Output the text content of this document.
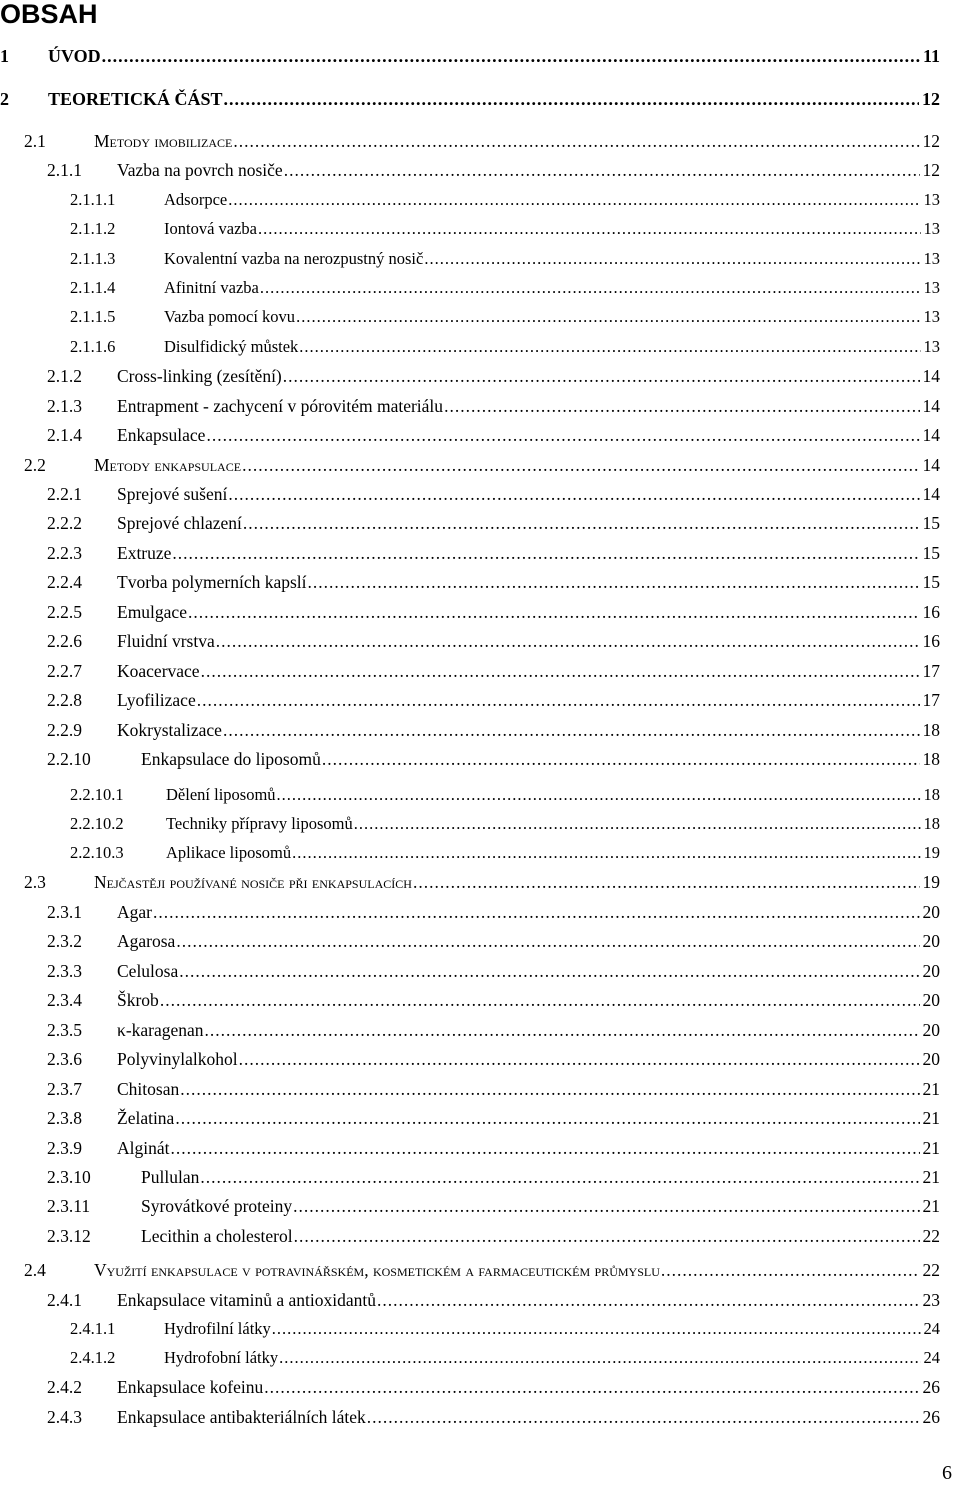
OBSAH
1	ÚVOD .....	11
2	TEORETICKÁ ČÁST .....	12
2.1	Metody imobilizace .....	12
2.1.1	Vazba na povrch nosiče .....	12
2.1.1.1	Adsorpce .....	13
2.1.1.2	Iontová vazba .....	13
2.1.1.3	Kovalentní vazba na nerozpustný nosič .....	13
2.1.1.4	Afinitní vazba .....	13
2.1.1.5	Vazba pomocí kovu .....	13
2.1.1.6	Disulfidický můstek .....	13
2.1.2	Cross-linking (zesítění) .....	14
2.1.3	Entrapment - zachycení v pórovitém materiálu .....	14
2.1.4	Enkapsulace .....	14
2.2	Metody enkapsulace .....	14
2.2.1	Sprejové sušení .....	14
2.2.2	Sprejové chlazení .....	15
2.2.3	Extruze .....	15
2.2.4	Tvorba polymerních kapslí .....	15
2.2.5	Emulgace .....	16
2.2.6	Fluidní vrstva .....	16
2.2.7	Koacervace .....	17
2.2.8	Lyofilizace .....	17
2.2.9	Kokrystalizace .....	18
2.2.10	Enkapsulace do liposomů .....	18
2.2.10.1	Dělení liposomů .....	18
2.2.10.2	Techniky přípravy liposomů .....	18
2.2.10.3	Aplikace liposomů .....	19
2.3	Nejčastěji používané nosiče při enkapsulacích .....	19
2.3.1	Agar .....	20
2.3.2	Agarosa .....	20
2.3.3	Celulosa .....	20
2.3.4	Škrob .....	20
2.3.5	κ-karagenan .....	20
2.3.6	Polyvinylalkohol .....	20
2.3.7	Chitosan .....	21
2.3.8	Želatina .....	21
2.3.9	Alginát .....	21
2.3.10	Pullulan .....	21
2.3.11	Syrovátkové proteiny .....	21
2.3.12	Lecithin a cholesterol .....	22
2.4	Využití enkapsulace v potravinářském, kosmetickém a farmaceutickém průmyslu .....	22
2.4.1	Enkapsulace vitaminů a antioxidantů .....	23
2.4.1.1	Hydrofilní látky .....	24
2.4.1.2	Hydrofobní látky .....	24
2.4.2	Enkapsulace kofeinu .....	26
2.4.3	Enkapsulace antibakteriálních látek .....	26
6
